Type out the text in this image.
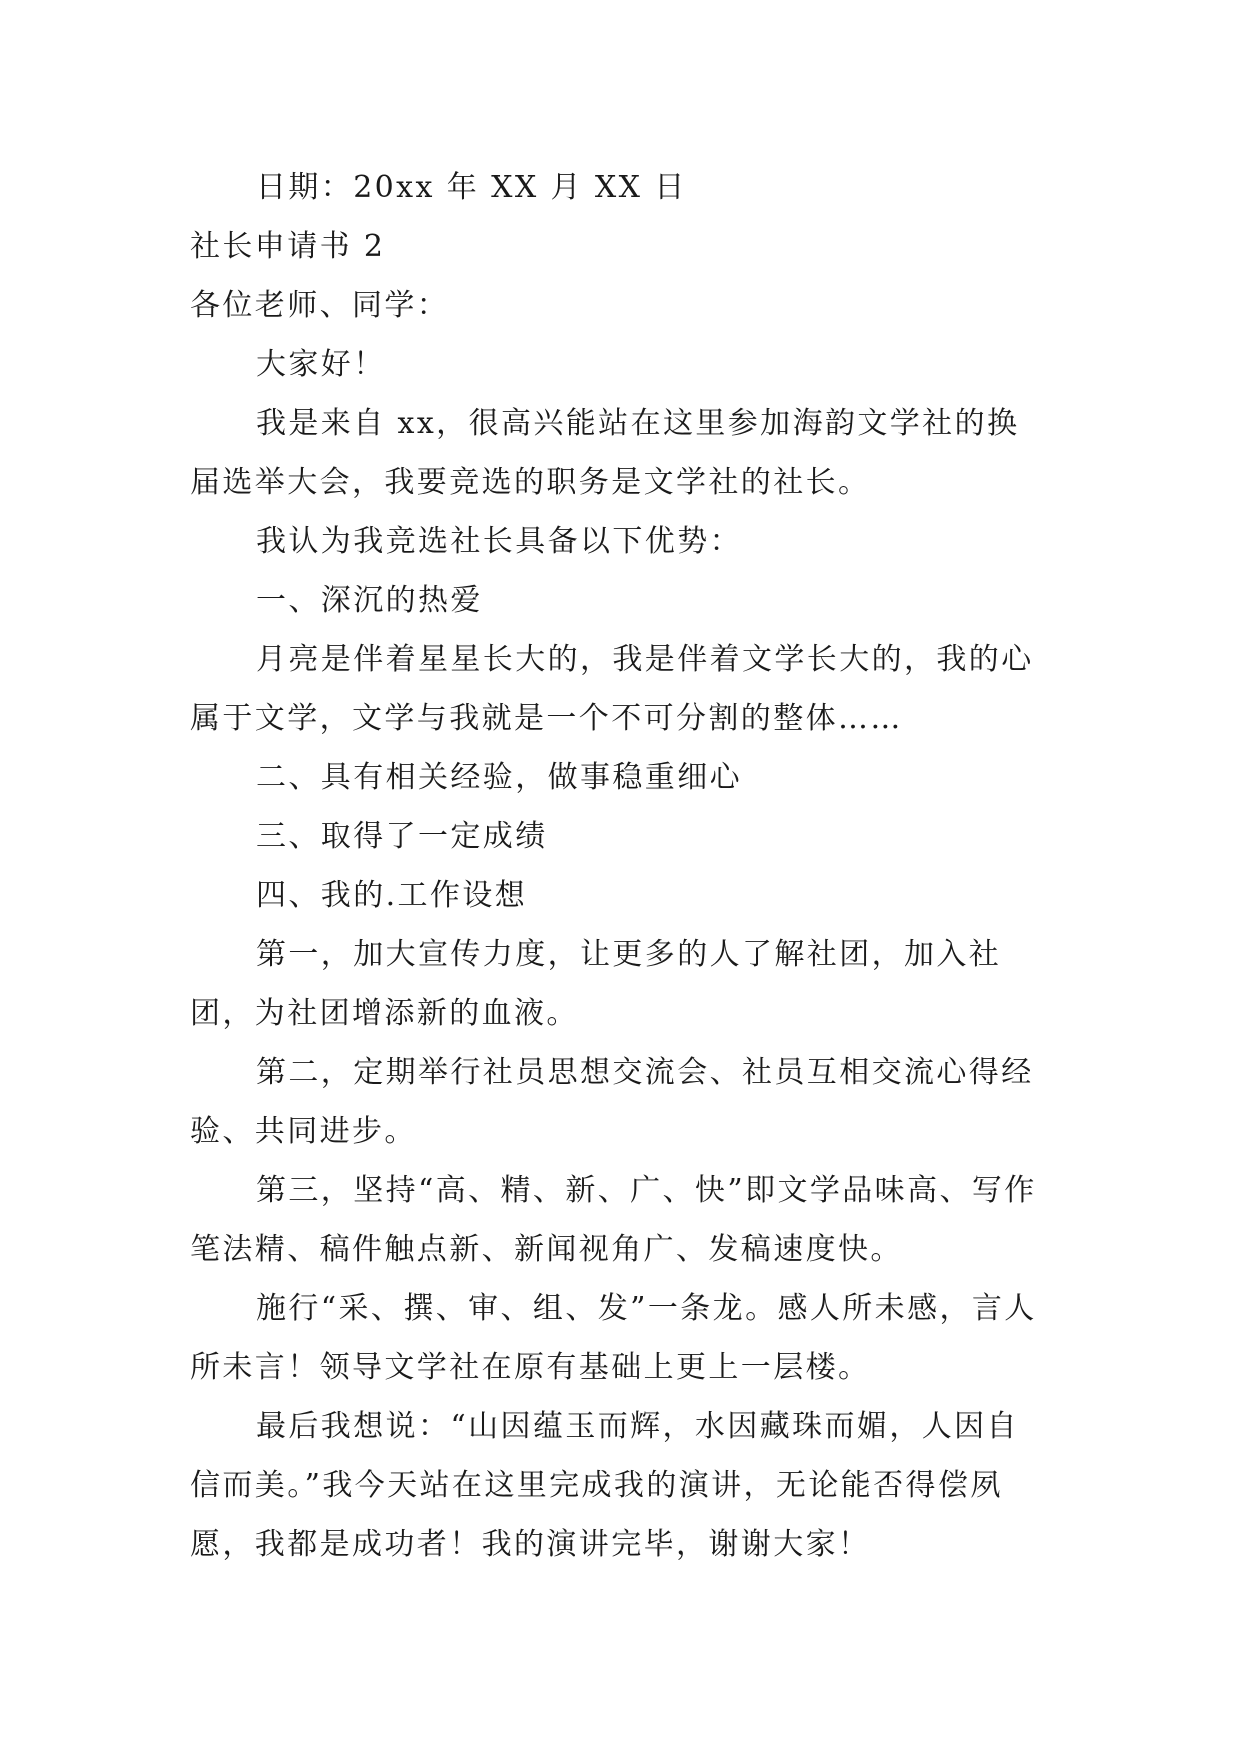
日期：20xx 年 XX 月 XX 日

社长申请书 2

各位老师、同学：

大家好！

我是来自 xx，很高兴能站在这里参加海韵文学社的换届选举大会，我要竞选的职务是文学社的社长。

我认为我竞选社长具备以下优势：

一、深沉的热爱

月亮是伴着星星长大的，我是伴着文学长大的，我的心属于文学，文学与我就是一个不可分割的整体……

二、具有相关经验，做事稳重细心

三、取得了一定成绩

四、我的.工作设想

第一，加大宣传力度，让更多的人了解社团，加入社团，为社团增添新的血液。

第二，定期举行社员思想交流会、社员互相交流心得经验、共同进步。

第三，坚持“高、精、新、广、快”即文学品味高、写作笔法精、稿件触点新、新闻视角广、发稿速度快。

施行“采、撰、审、组、发”一条龙。感人所未感，言人所未言！领导文学社在原有基础上更上一层楼。

最后我想说：“山因蕴玉而辉，水因藏珠而媚，人因自信而美。”我今天站在这里完成我的演讲，无论能否得偿夙愿，我都是成功者！我的演讲完毕，谢谢大家！
